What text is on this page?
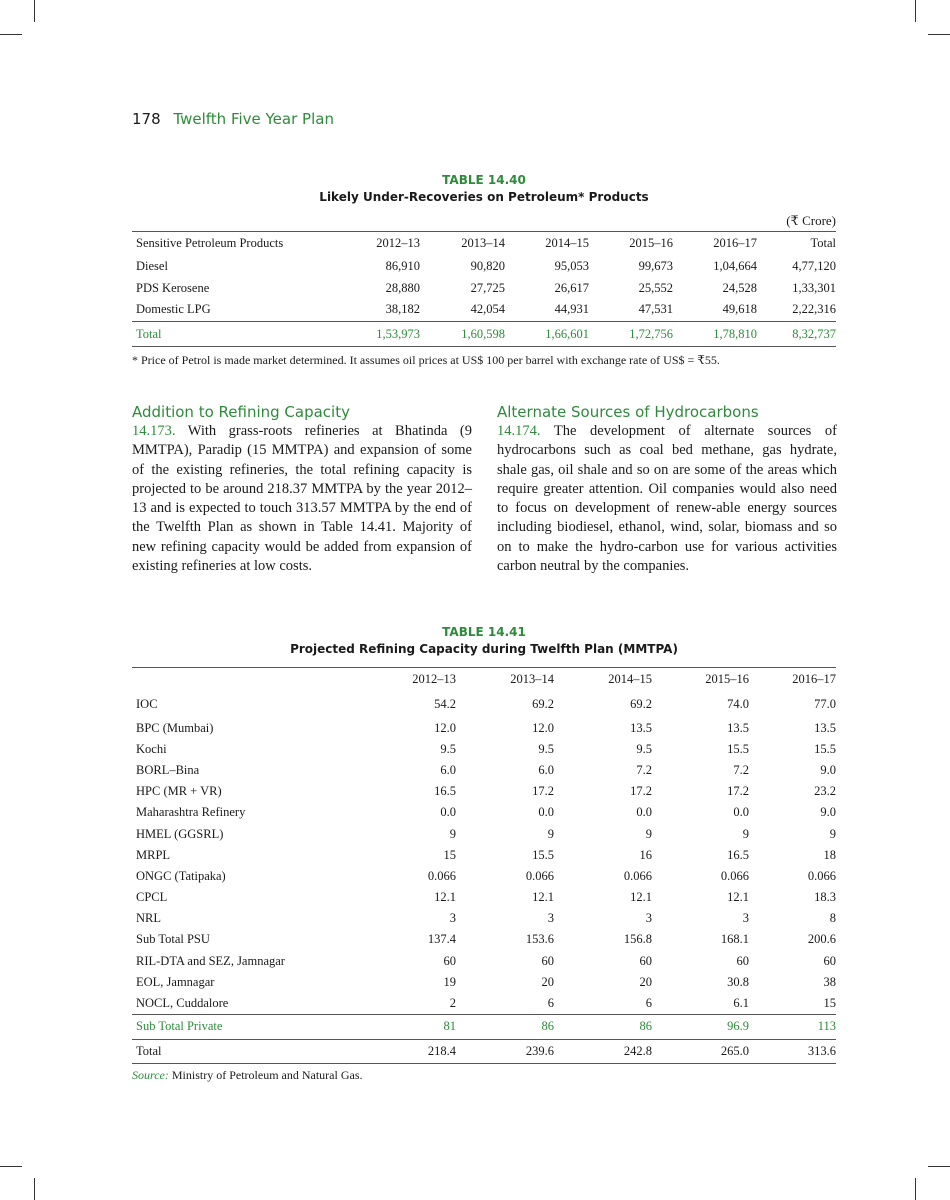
178 Twelfth Five Year Plan
TABLE 14.40
Likely Under-Recoveries on Petroleum* Products
(₹ Crore)
Sensitive Petroleum Products	2012–13	2013–14	2014–15	2015–16	2016–17	Total
Diesel	86,910	90,820	95,053	99,673	1,04,664	4,77,120
PDS Kerosene	28,880	27,725	26,617	25,552	24,528	1,33,301
Domestic LPG	38,182	42,054	44,931	47,531	49,618	2,22,316
Total	1,53,973	1,60,598	1,66,601	1,72,756	1,78,810	8,32,737
* Price of Petrol is made market determined. It assumes oil prices at US$ 100 per barrel with exchange rate of US$ = ₹55.
Addition to Refining Capacity

14.173. With grass-roots refineries at Bhatinda (9 MMTPA), Paradip (15 MMTPA) and expansion of some of the existing refineries, the total refining capacity is projected to be around 218.37 MMTPA by the year 2012–13 and is expected to touch 313.57 MMTPA by the end of the Twelfth Plan as shown in Table 14.41. Majority of new refining capacity would be added from expansion of existing refineries at low costs.

Alternate Sources of Hydrocarbons

14.174. The development of alternate sources of hydrocarbons such as coal bed methane, gas hydrate, shale gas, oil shale and so on are some of the areas which require greater attention. Oil companies would also need to focus on development of renew-able energy sources including biodiesel, ethanol, wind, solar, biomass and so on to make the hydro-carbon use for various activities carbon neutral by the companies.

TABLE 14.41
Projected Refining Capacity during Twelfth Plan (MMTPA)
	2012–13	2013–14	2014–15	2015–16	2016–17
IOC	54.2	69.2	69.2	74.0	77.0
BPC (Mumbai)	12.0	12.0	13.5	13.5	13.5
Kochi	9.5	9.5	9.5	15.5	15.5
BORL–Bina	6.0	6.0	7.2	7.2	9.0
HPC (MR + VR)	16.5	17.2	17.2	17.2	23.2
Maharashtra Refinery	0.0	0.0	0.0	0.0	9.0
HMEL (GGSRL)	9	9	9	9	9
MRPL	15	15.5	16	16.5	18
ONGC (Tatipaka)	0.066	0.066	0.066	0.066	0.066
CPCL	12.1	12.1	12.1	12.1	18.3
NRL	3	3	3	3	8
Sub Total PSU	137.4	153.6	156.8	168.1	200.6
RIL-DTA and SEZ, Jamnagar	60	60	60	60	60
EOL, Jamnagar	19	20	20	30.8	38
NOCL, Cuddalore	2	6	6	6.1	15
Sub Total Private	81	86	86	96.9	113
Total	218.4	239.6	242.8	265.0	313.6
Source: Ministry of Petroleum and Natural Gas.
